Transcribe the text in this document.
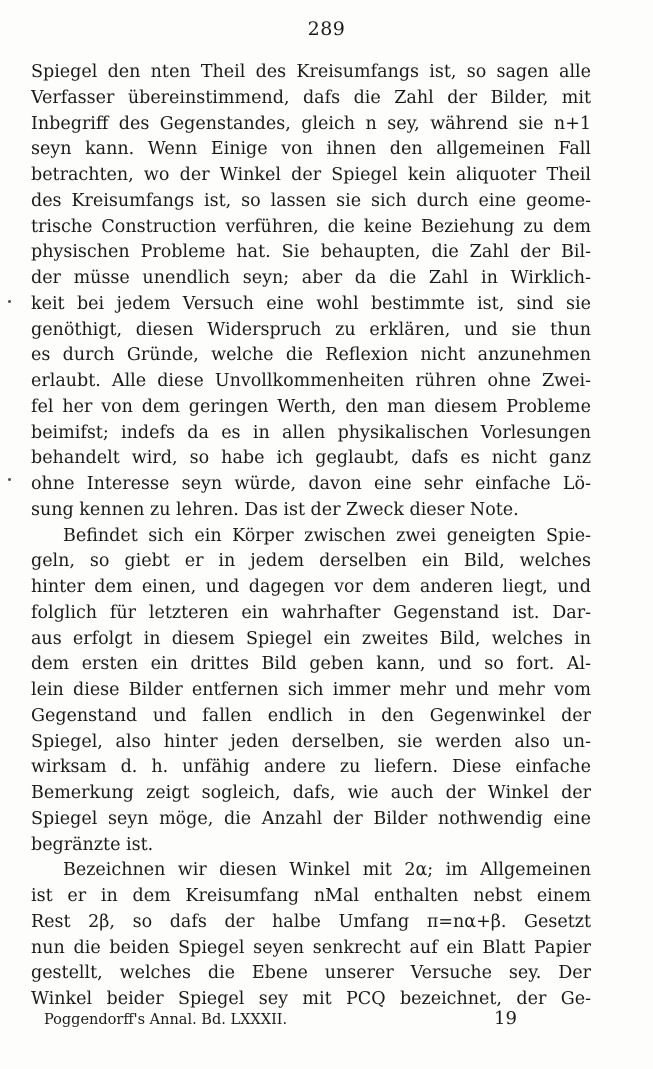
289
Spiegel den nten Theil des Kreisumfangs ist, so sagen alle
Verfasser übereinstimmend, dafs die Zahl der Bilder, mit
Inbegriff des Gegenstandes, gleich n sey, während sie n+1
seyn kann. Wenn Einige von ihnen den allgemeinen Fall
betrachten, wo der Winkel der Spiegel kein aliquoter Theil
des Kreisumfangs ist, so lassen sie sich durch eine geome-
trische Construction verführen, die keine Beziehung zu dem
physischen Probleme hat. Sie behaupten, die Zahl der Bil-
der müsse unendlich seyn; aber da die Zahl in Wirklich-
keit bei jedem Versuch eine wohl bestimmte ist, sind sie
genöthigt, diesen Widerspruch zu erklären, und sie thun
es durch Gründe, welche die Reflexion nicht anzunehmen
erlaubt. Alle diese Unvollkommenheiten rühren ohne Zwei-
fel her von dem geringen Werth, den man diesem Probleme
beimifst; indefs da es in allen physikalischen Vorlesungen
behandelt wird, so habe ich geglaubt, dafs es nicht ganz
ohne Interesse seyn würde, davon eine sehr einfache Lö-
sung kennen zu lehren. Das ist der Zweck dieser Note.
Befindet sich ein Körper zwischen zwei geneigten Spie-
geln, so giebt er in jedem derselben ein Bild, welches
hinter dem einen, und dagegen vor dem anderen liegt, und
folglich für letzteren ein wahrhafter Gegenstand ist. Dar-
aus erfolgt in diesem Spiegel ein zweites Bild, welches in
dem ersten ein drittes Bild geben kann, und so fort. Al-
lein diese Bilder entfernen sich immer mehr und mehr vom
Gegenstand und fallen endlich in den Gegenwinkel der
Spiegel, also hinter jeden derselben, sie werden also un-
wirksam d. h. unfähig andere zu liefern. Diese einfache
Bemerkung zeigt sogleich, dafs, wie auch der Winkel der
Spiegel seyn möge, die Anzahl der Bilder nothwendig eine
begränzte ist.
Bezeichnen wir diesen Winkel mit 2α; im Allgemeinen
ist er in dem Kreisumfang nMal enthalten nebst einem
Rest 2β, so dafs der halbe Umfang π=nα+β. Gesetzt
nun die beiden Spiegel seyen senkrecht auf ein Blatt Papier
gestellt, welches die Ebene unserer Versuche sey. Der
Winkel beider Spiegel sey mit PCQ bezeichnet, der Ge-
Poggendorff's Annal. Bd. LXXXII.	19
